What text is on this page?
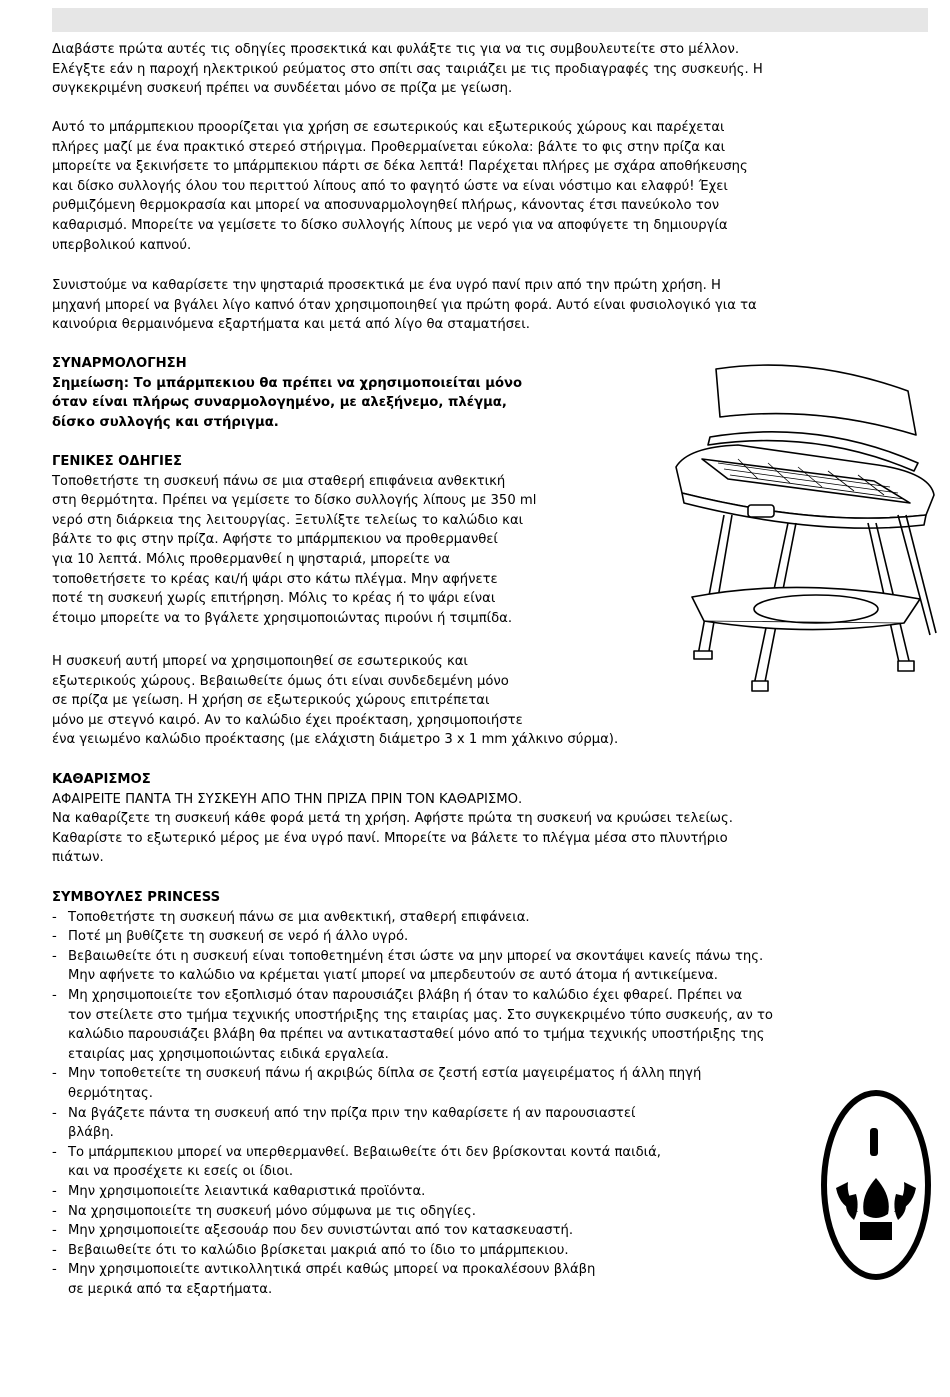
Διαβάστε πρώτα αυτές τις οδηγίες προσεκτικά και φυλάξτε τις για να τις συμβουλευτείτε στο μέλλον.
Ελέγξτε εάν η παροχή ηλεκτρικού ρεύματος στο σπίτι σας ταιριάζει με τις προδιαγραφές της συσκευής. Η
συγκεκριμένη συσκευή πρέπει να συνδέεται μόνο σε πρίζα με γείωση.
Αυτό το μπάρμπεκιου προορίζεται για χρήση σε εσωτερικούς και εξωτερικούς χώρους και παρέχεται
πλήρες μαζί με ένα πρακτικό στερεό στήριγμα. Προθερμαίνεται εύκολα: βάλτε το φις στην πρίζα και
μπορείτε να ξεκινήσετε το μπάρμπεκιου πάρτι σε δέκα λεπτά! Παρέχεται πλήρες με σχάρα αποθήκευσης
και δίσκο συλλογής όλου του περιττού λίπους από το φαγητό ώστε να είναι νόστιμο και ελαφρύ! Έχει
ρυθμιζόμενη θερμοκρασία και μπορεί να αποσυναρμολογηθεί πλήρως, κάνοντας έτσι πανεύκολο τον
καθαρισμό. Μπορείτε να γεμίσετε το δίσκο συλλογής λίπους με νερό για να αποφύγετε τη δημιουργία
υπερβολικού καπνού.
Συνιστούμε να καθαρίσετε την ψησταριά προσεκτικά με ένα υγρό πανί πριν από την πρώτη χρήση. Η
μηχανή μπορεί να βγάλει λίγο καπνό όταν χρησιμοποιηθεί για πρώτη φορά. Αυτό είναι φυσιολογικό για τα
καινούρια θερμαινόμενα εξαρτήματα και μετά από λίγο θα σταματήσει.
ΣΥΝΑΡΜΟΛΟΓΗΣΗ
Σημείωση: Το μπάρμπεκιου θα πρέπει να χρησιμοποιείται μόνο
όταν είναι πλήρως συναρμολογημένο, με αλεξήνεμο, πλέγμα,
δίσκο συλλογής και στήριγμα.
ΓΕΝΙΚΕΣ ΟΔΗΓΙΕΣ
Τοποθετήστε τη συσκευή πάνω σε μια σταθερή επιφάνεια ανθεκτική
στη θερμότητα. Πρέπει να γεμίσετε το δίσκο συλλογής λίπους με 350 ml
νερό στη διάρκεια της λειτουργίας. Ξετυλίξτε τελείως το καλώδιο και
βάλτε το φις στην πρίζα. Αφήστε το μπάρμπεκιου να προθερμανθεί
για 10 λεπτά. Μόλις προθερμανθεί η ψησταριά, μπορείτε να
τοποθετήσετε το κρέας και/ή ψάρι στο κάτω πλέγμα. Μην αφήνετε
ποτέ τη συσκευή χωρίς επιτήρηση. Μόλις το κρέας ή το ψάρι είναι
έτοιμο μπορείτε να το βγάλετε χρησιμοποιώντας πιρούνι ή τσιμπίδα.
Η συσκευή αυτή μπορεί να χρησιμοποιηθεί σε εσωτερικούς και
εξωτερικούς χώρους. Βεβαιωθείτε όμως ότι είναι συνδεδεμένη μόνο
σε πρίζα με γείωση. Η χρήση σε εξωτερικούς χώρους επιτρέπεται
μόνο με στεγνό καιρό. Αν το καλώδιο έχει προέκταση, χρησιμοποιήστε
ένα γειωμένο καλώδιο προέκτασης (με ελάχιστη διάμετρο 3 x 1 mm χάλκινο σύρμα).
ΚΑΘΑΡΙΣΜΟΣ
ΑΦΑΙΡΕΙΤΕ ΠΑΝΤΑ ΤΗ ΣΥΣΚΕΥΗ ΑΠΟ ΤΗΝ ΠΡΙΖΑ ΠΡΙΝ ΤΟΝ ΚΑΘΑΡΙΣΜΟ.
Να καθαρίζετε τη συσκευή κάθε φορά μετά τη χρήση. Αφήστε πρώτα τη συσκευή να κρυώσει τελείως.
Καθαρίστε το εξωτερικό μέρος με ένα υγρό πανί. Μπορείτε να βάλετε το πλέγμα μέσα στο πλυντήριο
πιάτων.
ΣΥΜΒΟΥΛΕΣ PRINCESS
- Τοποθετήστε τη συσκευή πάνω σε μια ανθεκτική, σταθερή επιφάνεια.
- Ποτέ μη βυθίζετε τη συσκευή σε νερό ή άλλο υγρό.
- Βεβαιωθείτε ότι η συσκευή είναι τοποθετημένη έτσι ώστε να μην μπορεί να σκοντάψει κανείς πάνω της.
Μην αφήνετε το καλώδιο να κρέμεται γιατί μπορεί να μπερδευτούν σε αυτό άτομα ή αντικείμενα.
- Μη χρησιμοποιείτε τον εξοπλισμό όταν παρουσιάζει βλάβη ή όταν το καλώδιο έχει φθαρεί. Πρέπει να
τον στείλετε στο τμήμα τεχνικής υποστήριξης της εταιρίας μας. Στο συγκεκριμένο τύπο συσκευής, αν το
καλώδιο παρουσιάζει βλάβη θα πρέπει να αντικατασταθεί μόνο από το τμήμα τεχνικής υποστήριξης της
εταιρίας μας χρησιμοποιώντας ειδικά εργαλεία.
- Μην τοποθετείτε τη συσκευή πάνω ή ακριβώς δίπλα σε ζεστή εστία μαγειρέματος ή άλλη πηγή
θερμότητας.
- Να βγάζετε πάντα τη συσκευή από την πρίζα πριν την καθαρίσετε ή αν παρουσιαστεί
βλάβη.
- Το μπάρμπεκιου μπορεί να υπερθερμανθεί. Βεβαιωθείτε ότι δεν βρίσκονται κοντά παιδιά,
και να προσέχετε κι εσείς οι ίδιοι.
- Μην χρησιμοποιείτε λειαντικά καθαριστικά προϊόντα.
- Να χρησιμοποιείτε τη συσκευή μόνο σύμφωνα με τις οδηγίες.
- Μην χρησιμοποιείτε αξεσουάρ που δεν συνιστώνται από τον κατασκευαστή.
- Βεβαιωθείτε ότι το καλώδιο βρίσκεται μακριά από το ίδιο το μπάρμπεκιου.
- Μην χρησιμοποιείτε αντικολλητικά σπρέι καθώς μπορεί να προκαλέσουν βλάβη
σε μερικά από τα εξαρτήματα.
